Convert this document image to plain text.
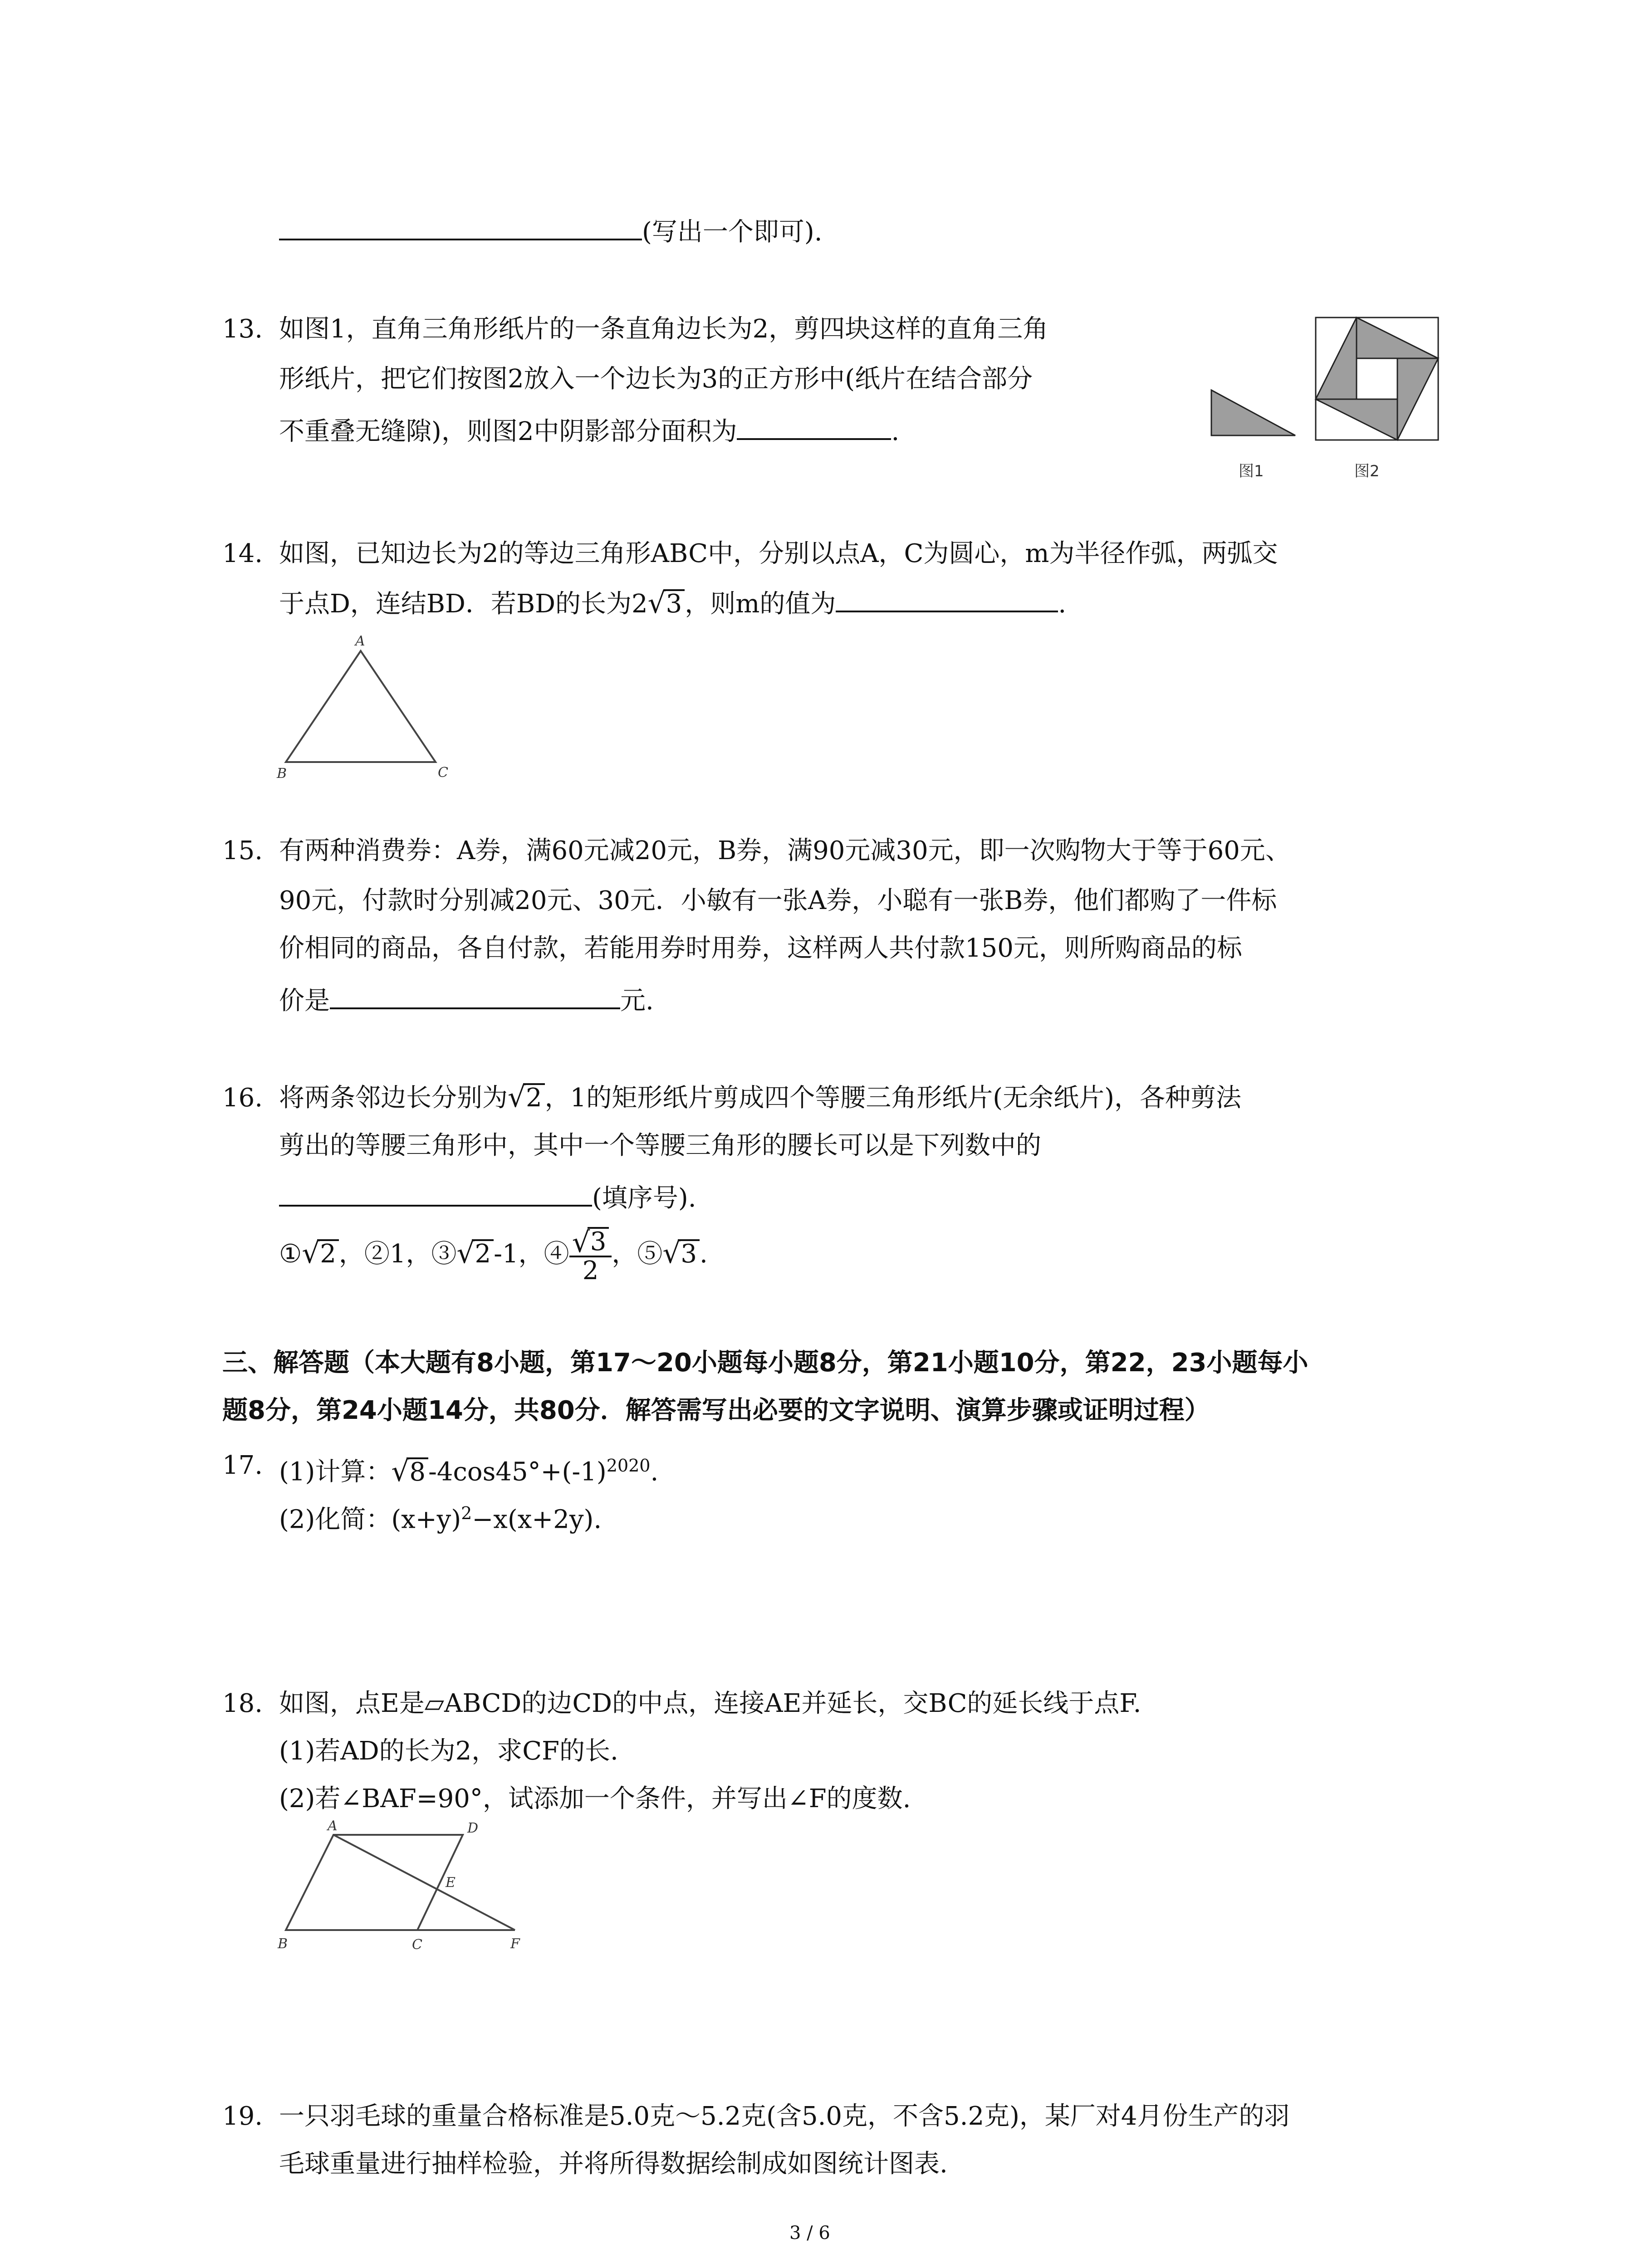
(写出一个即可).
13. 如图1，直角三角形纸片的一条直角边长为2，剪四块这样的直角三角
形纸片，把它们按图2放入一个边长为3的正方形中(纸片在结合部分
不重叠无缝隙)，则图2中阴影部分面积为	.
图1	图2
14. 如图，已知边长为2的等边三角形ABC中，分别以点A，C为圆心，m为半径作弧，两弧交
于点D，连结BD．若BD的长为2 √ 3 ，则m的值为	.
A
B	C
15. 有两种消费券：A券，满60元减20元，B券，满90元减30元，即一次购物大于等于60元、
90元，付款时分别减20元、30元．小敏有一张A券，小聪有一张B券，他们都购了一件标
价相同的商品，各自付款，若能用券时用券，这样两人共付款150元，则所购商品的标
价是	元.
16. 将两条邻边长分别为 √ 2 ，1的矩形纸片剪成四个等腰三角形纸片(无余纸片)，各种剪法
剪出的等腰三角形中，其中一个等腰三角形的腰长可以是下列数中的
(填序号).
① √ 2 ，②1，③ √ 2 -1，④ $\frac{√ 3}{2}$ ，⑤ √ 3 .
三、解答题（本大题有8小题，第17～20小题每小题8分，第21小题10分，第22，23小题每小
题8分，第24小题14分，共80分．解答需写出必要的文字说明、演算步骤或证明过程）
17. (1)计算： √ 8 $-4\cos 45^\circ+(-1)^{2020}$.
(2)化简：$(x+y)^2-x(x+2y)$.
18. 如图，点E是▱ABCD的边CD的中点，连接AE并延长，交BC的延长线于点F.
(1)若AD的长为2，求CF的长.
(2)若∠BAF=90°，试添加一个条件，并写出∠F的度数.
A	D
E
B	C	F
19. 一只羽毛球的重量合格标准是5.0克～5.2克(含5.0克，不含5.2克)，某厂对4月份生产的羽
毛球重量进行抽样检验，并将所得数据绘制成如图统计图表.
3 / 6
